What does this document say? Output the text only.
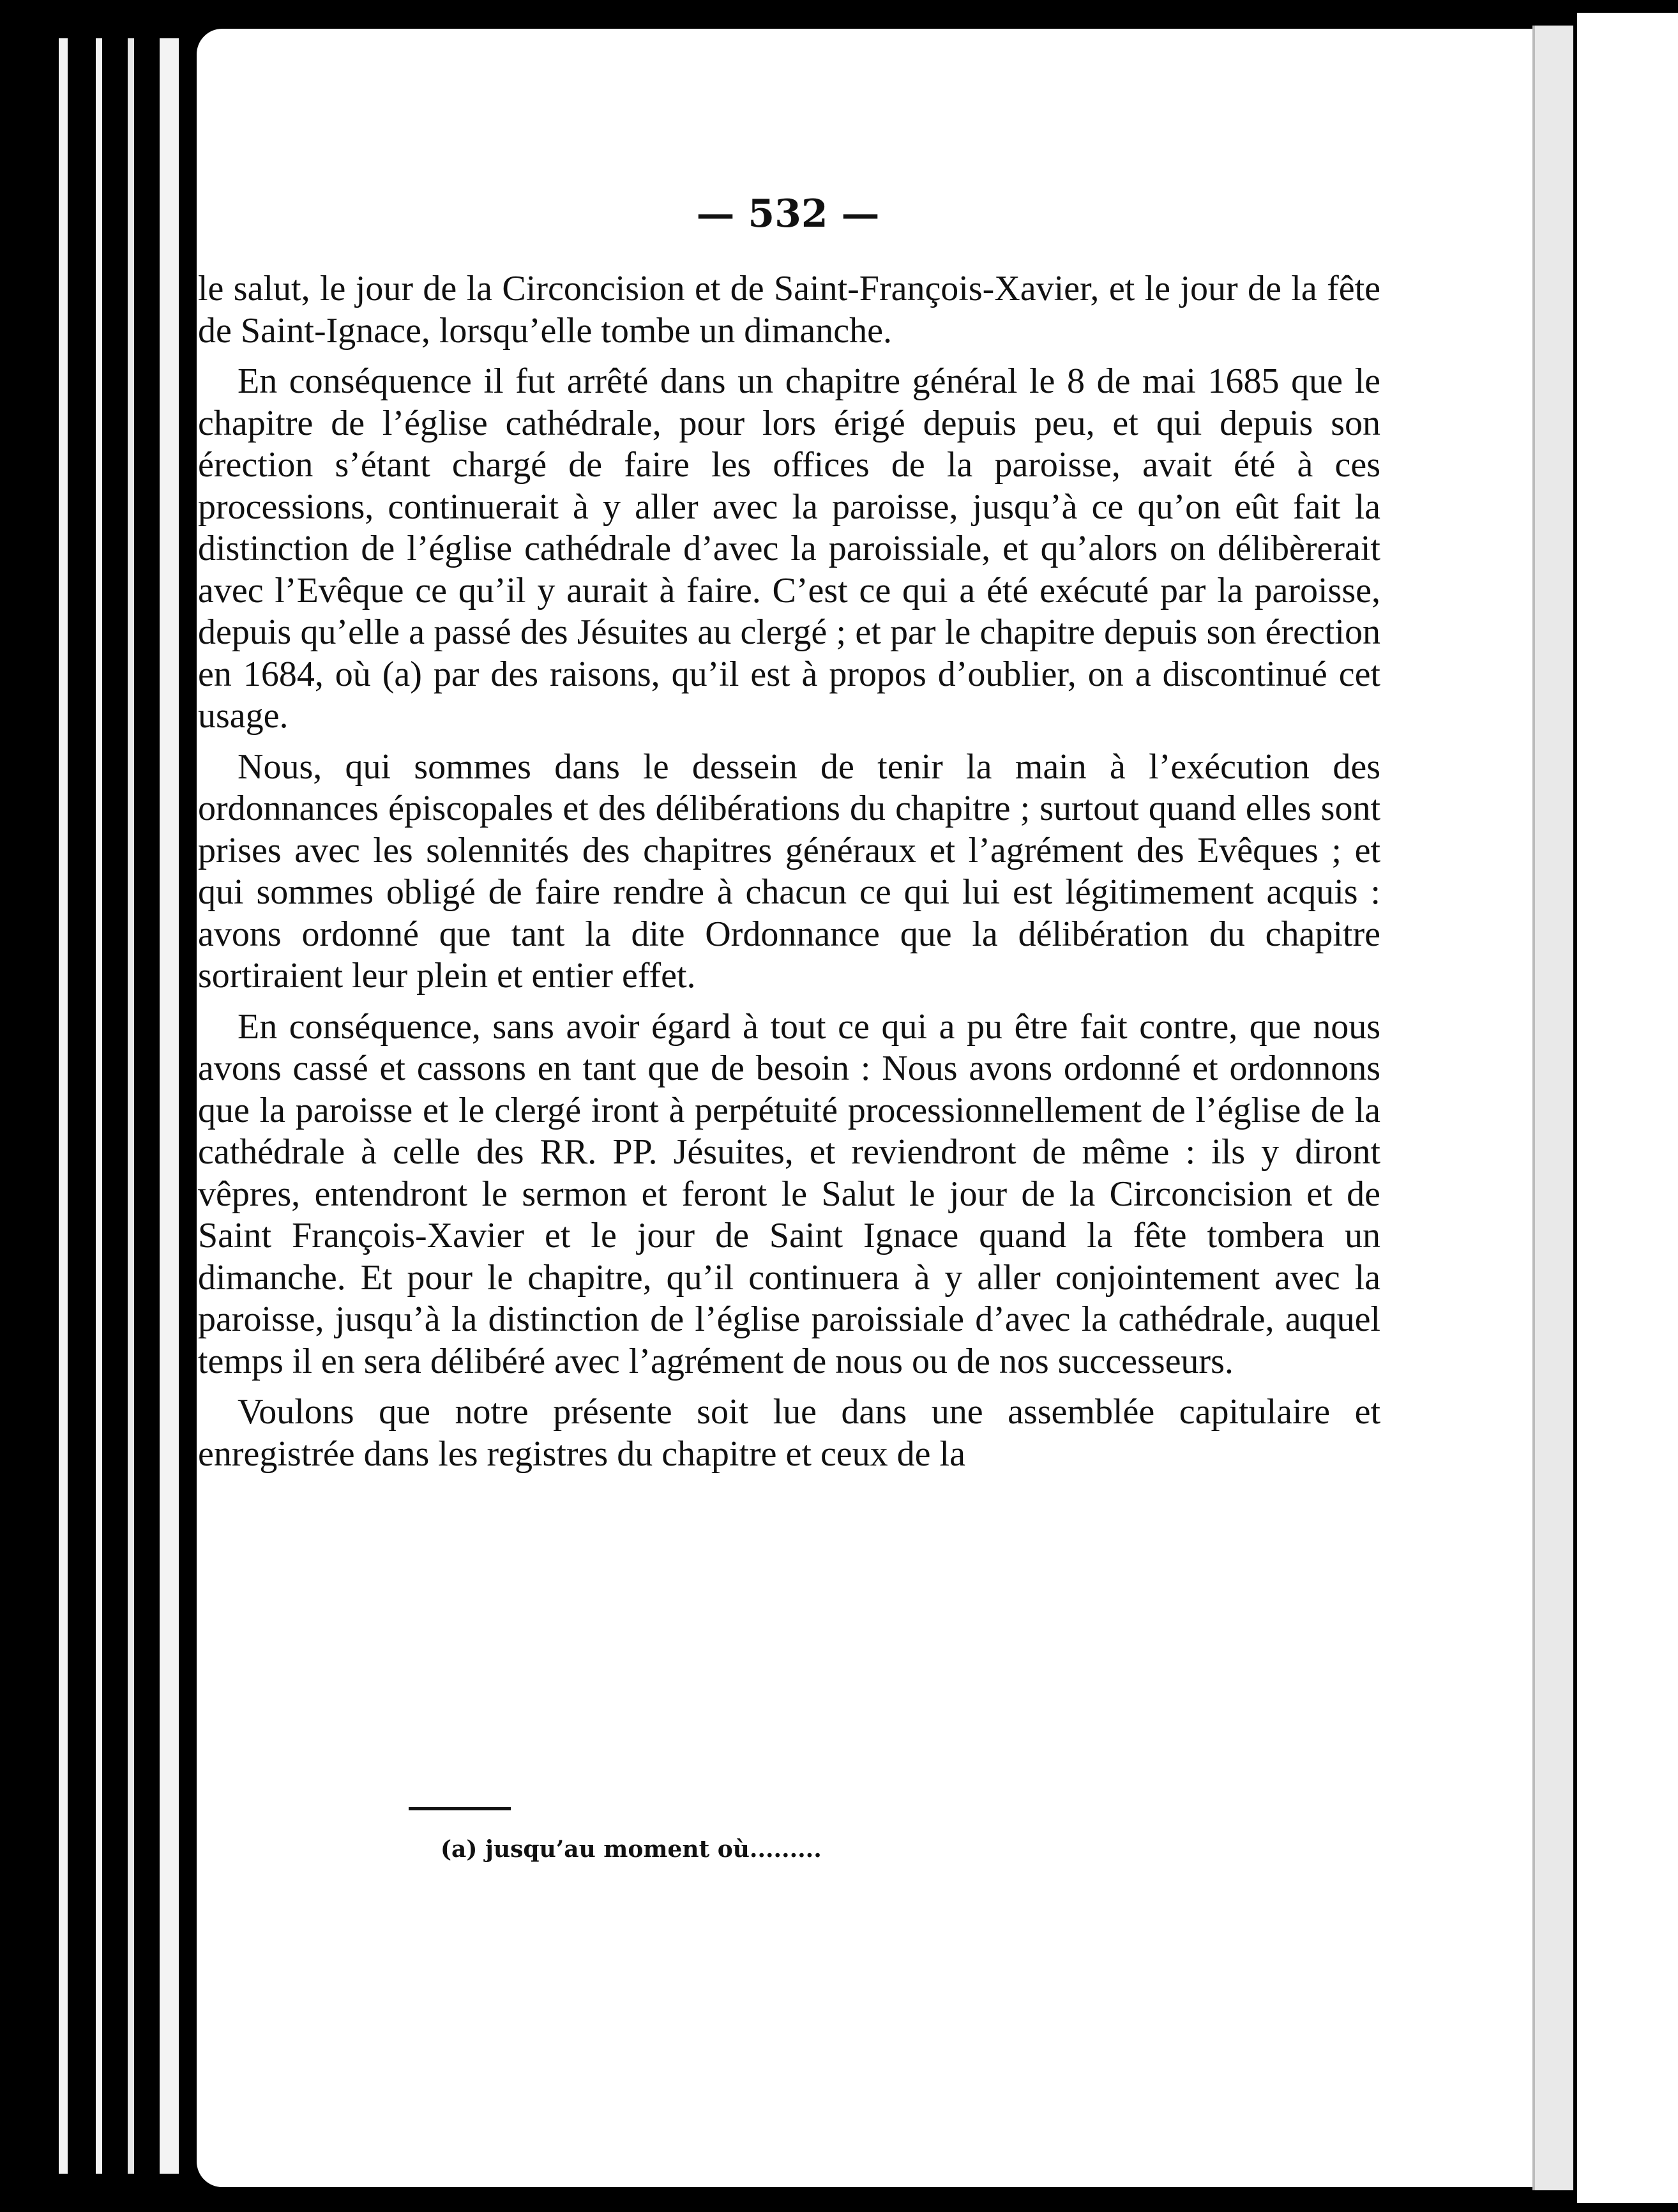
— 532 —

le salut, le jour de la Circoncision et de Saint-François-Xavier, et le jour de la fête de Saint-Ignace, lorsqu’elle tombe un dimanche.

En conséquence il fut arrêté dans un chapitre général le 8 de mai 1685 que le chapitre de l’église cathédrale, pour lors érigé depuis peu, et qui depuis son érection s’étant chargé de faire les offices de la paroisse, avait été à ces processions, continuerait à y aller avec la paroisse, jusqu’à ce qu’on eût fait la distinction de l’église cathédrale d’avec la paroissiale, et qu’alors on délibèrerait avec l’Evêque ce qu’il y aurait à faire. C’est ce qui a été exécuté par la paroisse, depuis qu’elle a passé des Jésuites au clergé ; et par le chapitre depuis son érection en 1684, où (a) par des raisons, qu’il est à propos d’oublier, on a discontinué cet usage.

Nous, qui sommes dans le dessein de tenir la main à l’exécution des ordonnances épiscopales et des délibérations du chapitre ; surtout quand elles sont prises avec les solennités des chapitres généraux et l’agrément des Evêques ; et qui sommes obligé de faire rendre à chacun ce qui lui est légitimement acquis : avons ordonné que tant la dite Ordonnance que la délibération du chapitre sortiraient leur plein et entier effet.

En conséquence, sans avoir égard à tout ce qui a pu être fait contre, que nous avons cassé et cassons en tant que de besoin : Nous avons ordonné et ordonnons que la paroisse et le clergé iront à perpétuité processionnellement de l’église de la cathédrale à celle des RR. PP. Jésuites, et reviendront de même : ils y diront vêpres, entendront le sermon et feront le Salut le jour de la Circoncision et de Saint François-Xavier et le jour de Saint Ignace quand la fête tombera un dimanche. Et pour le chapitre, qu’il continuera à y aller conjointement avec la paroisse, jusqu’à la distinction de l’église paroissiale d’avec la cathédrale, auquel temps il en sera délibéré avec l’agrément de nous ou de nos successeurs.

Voulons que notre présente soit lue dans une assemblée capitulaire et enregistrée dans les registres du chapitre et ceux de la

(a) jusqu’au moment où.........
